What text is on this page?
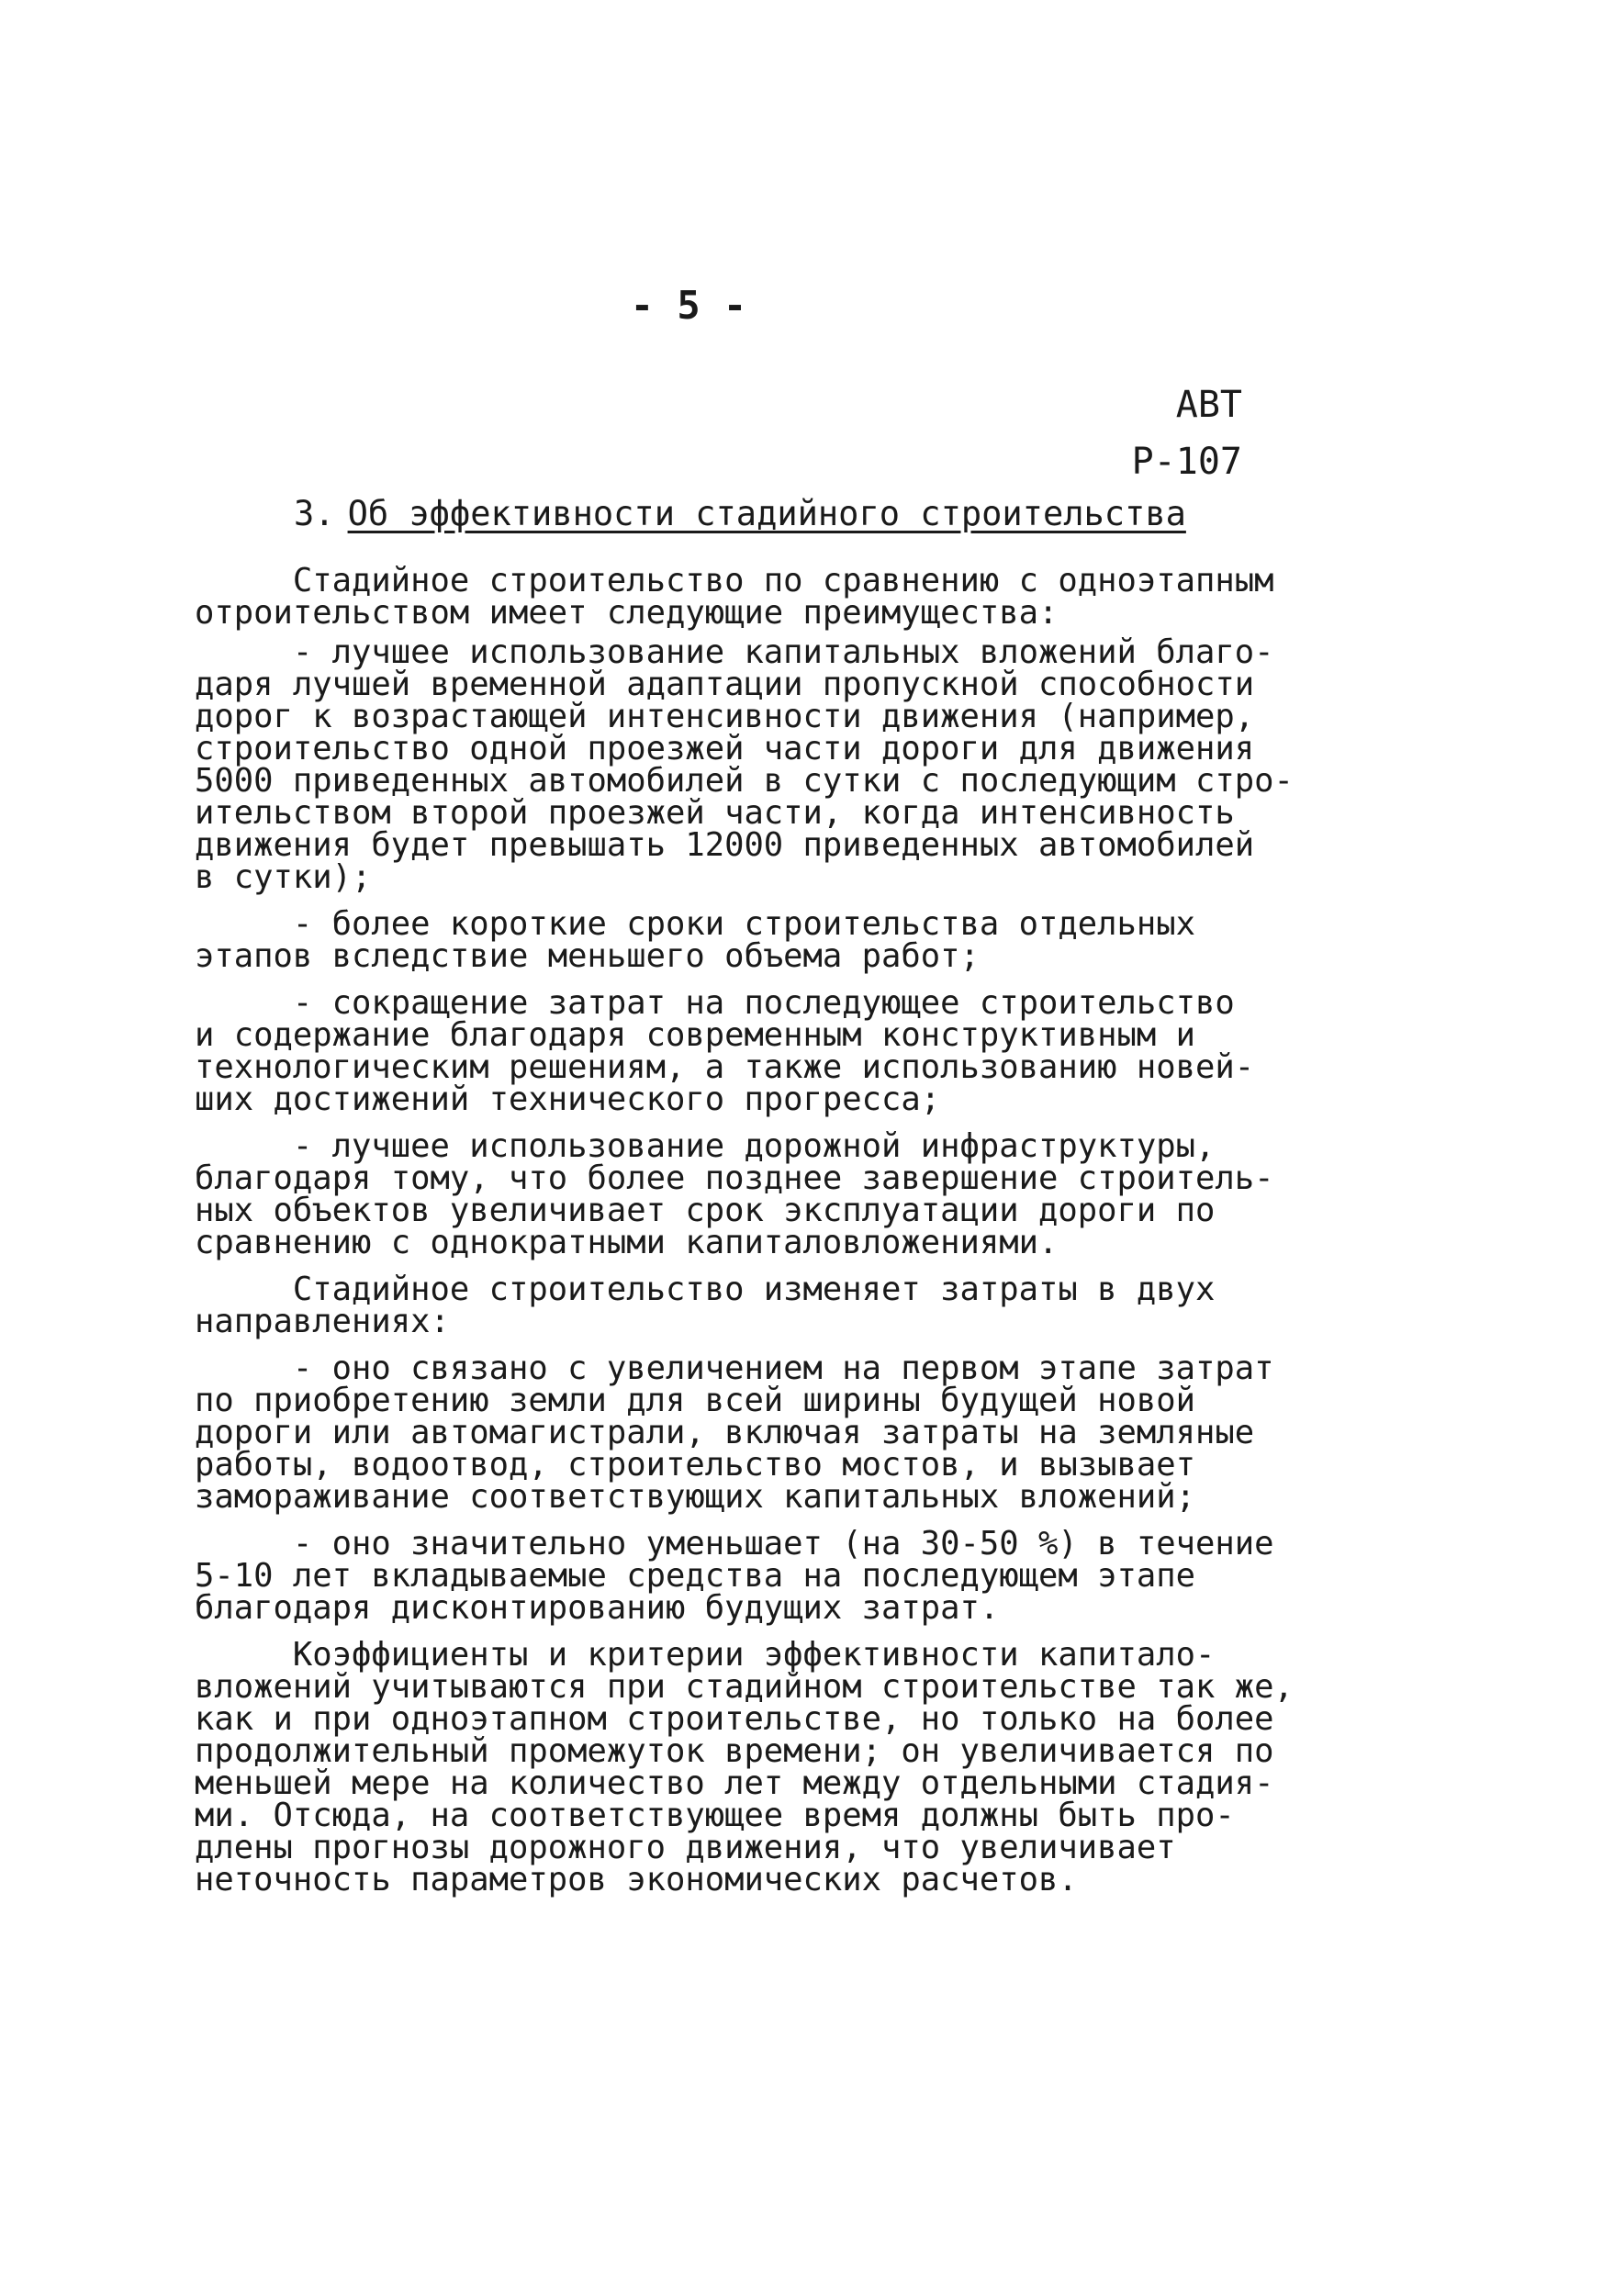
- 5 -
АВТ
Р-107
3. Об эффективности стадийного строительства
Стадийное строительство по сравнению с одноэтапным
отроительством имеет следующие преимущества:
- лучшее использование капитальных вложений благо-
даря лучшей временной адаптации пропускной способности
дорог к возрастающей интенсивности движения (например,
строительство одной проезжей части дороги для движения
5000 приведенных автомобилей в сутки с последующим стро-
ительством второй проезжей части, когда интенсивность
движения будет превышать 12000 приведенных автомобилей
в сутки);
- более короткие сроки строительства отдельных
этапов вследствие меньшего объема работ;
- сокращение затрат на последующее строительство
и содержание благодаря современным конструктивным и
технологическим решениям, а также использованию новей-
ших достижений технического прогресса;
- лучшее использование дорожной инфраструктуры,
благодаря тому, что более позднее завершение строитель-
ных объектов увеличивает срок эксплуатации дороги по
сравнению с однократными капиталовложениями.
Стадийное строительство изменяет затраты в двух
направлениях:
- оно связано с увеличением на первом этапе затрат
по приобретению земли для всей ширины будущей новой
дороги или автомагистрали, включая затраты на земляные
работы, водоотвод, строительство мостов, и вызывает
замораживание соответствующих капитальных вложений;
- оно значительно уменьшает (на 30-50 %) в течение
5-10 лет вкладываемые средства на последующем этапе
благодаря дисконтированию будущих затрат.
Коэффициенты и критерии эффективности капитало-
вложений учитываются при стадийном строительстве так же,
как и при одноэтапном строительстве, но только на более
продолжительный промежуток времени; он увеличивается по
меньшей мере на количество лет между отдельными стадия-
ми. Отсюда, на соответствующее время должны быть про-
длены прогнозы дорожного движения, что увеличивает
неточность параметров экономических расчетов.
